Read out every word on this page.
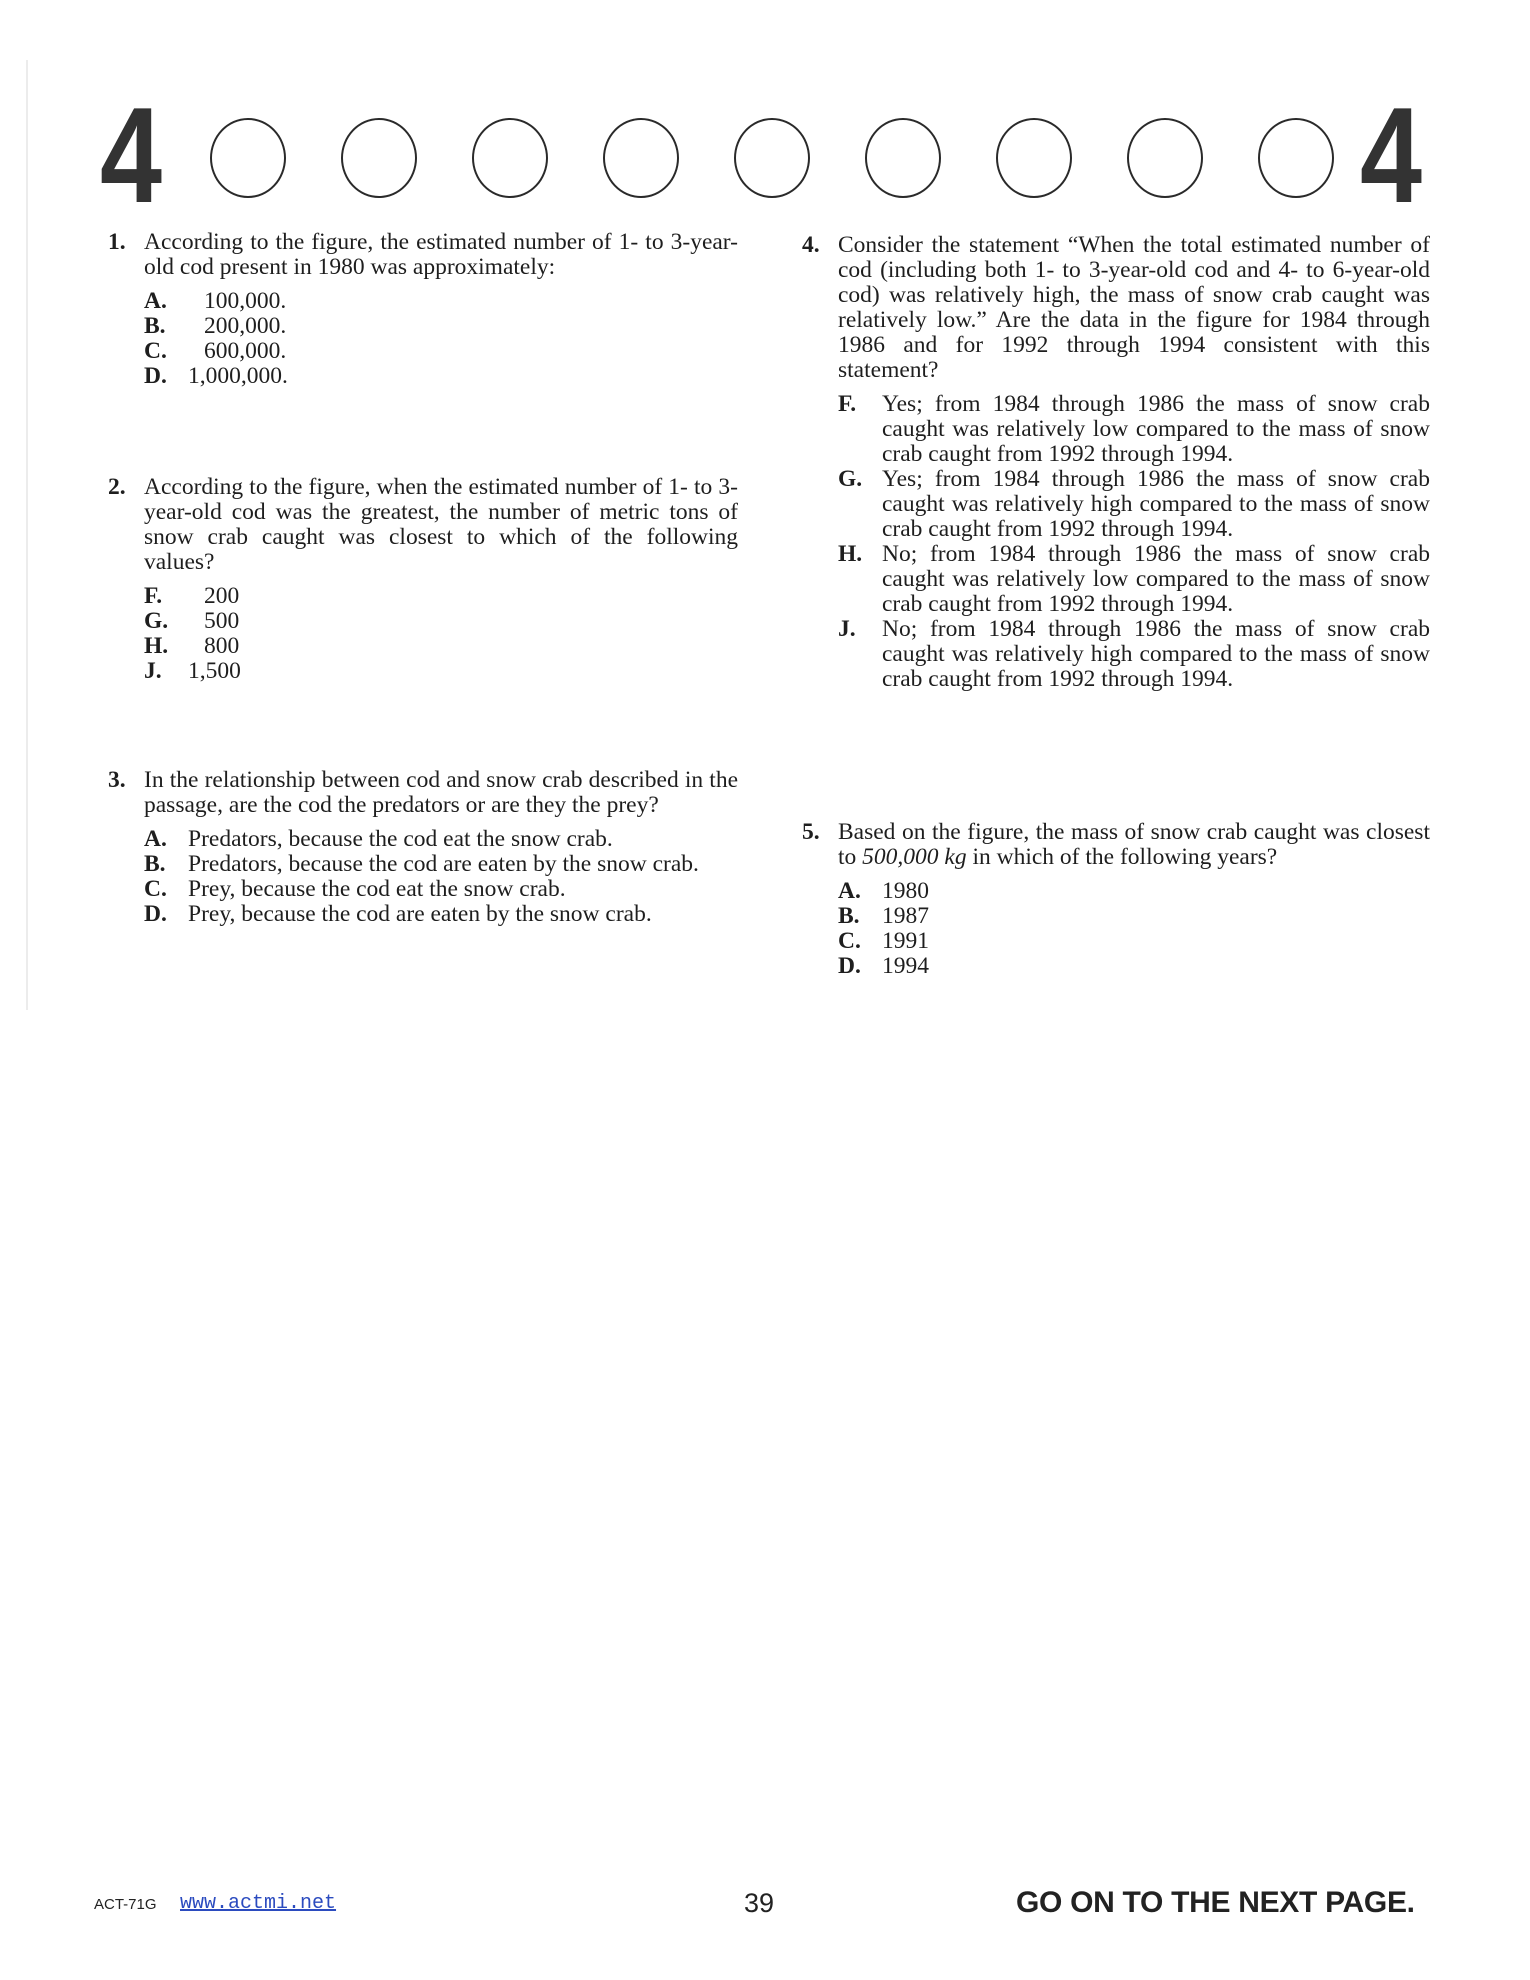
4	4
1. According to the figure, the estimated number of 1- to 3-year-old cod present in 1980 was approximately:
A. 100,000.
B. 200,000.
C. 600,000.
D. 1,000,000.
2. According to the figure, when the estimated number of 1- to 3-year-old cod was the greatest, the number of metric tons of snow crab caught was closest to which of the following values?
F. 200
G. 500
H. 800
J. 1,500
3. In the relationship between cod and snow crab described in the passage, are the cod the predators or are they the prey?
A. Predators, because the cod eat the snow crab.
B. Predators, because the cod are eaten by the snow crab.
C. Prey, because the cod eat the snow crab.
D. Prey, because the cod are eaten by the snow crab.
4. Consider the statement “When the total estimated number of cod (including both 1- to 3-year-old cod and 4- to 6-year-old cod) was relatively high, the mass of snow crab caught was relatively low.” Are the data in the figure for 1984 through 1986 and for 1992 through 1994 consistent with this statement?
F. Yes; from 1984 through 1986 the mass of snow crab caught was relatively low compared to the mass of snow crab caught from 1992 through 1994.
G. Yes; from 1984 through 1986 the mass of snow crab caught was relatively high compared to the mass of snow crab caught from 1992 through 1994.
H. No; from 1984 through 1986 the mass of snow crab caught was relatively low compared to the mass of snow crab caught from 1992 through 1994.
J. No; from 1984 through 1986 the mass of snow crab caught was relatively high compared to the mass of snow crab caught from 1992 through 1994.
5. Based on the figure, the mass of snow crab caught was closest to 500,000 kg in which of the following years?
A. 1980
B. 1987
C. 1991
D. 1994
ACT-71G www.actmi.net	39	GO ON TO THE NEXT PAGE.
